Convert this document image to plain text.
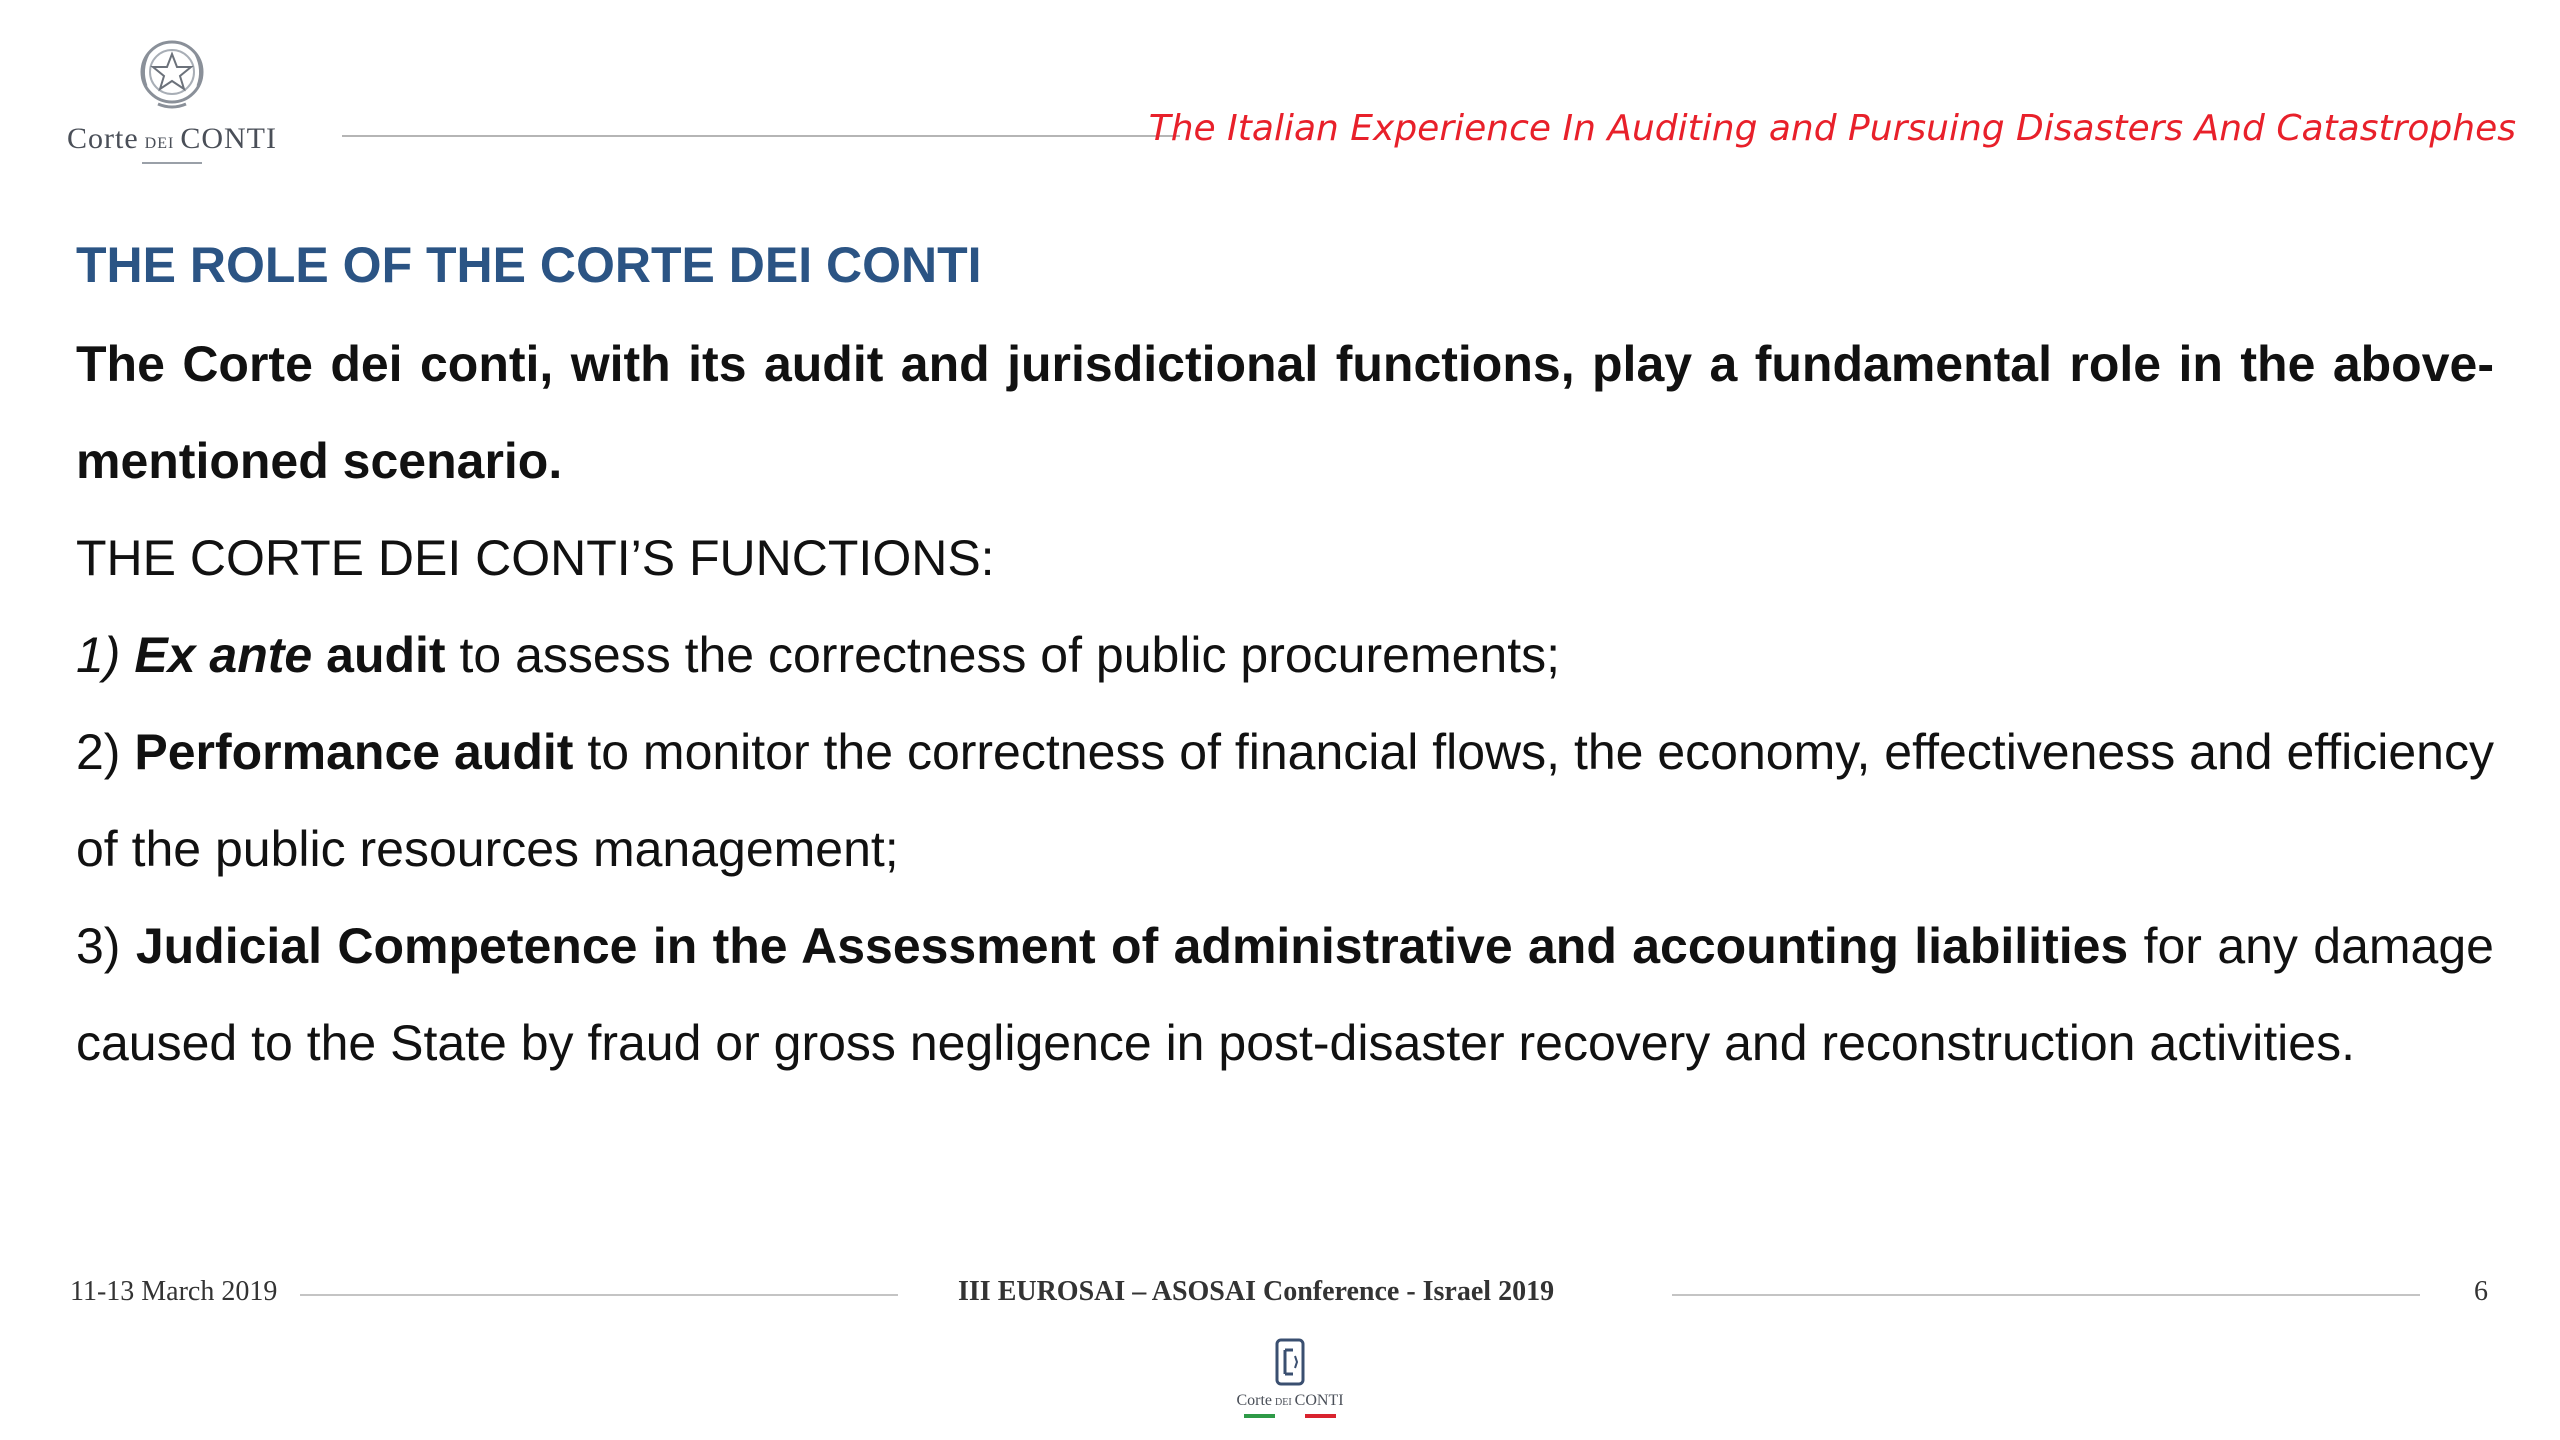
Corte DEI CONTI	The Italian Experience In Auditing and Pursuing Disasters And Catastrophes
THE ROLE OF THE CORTE DEI CONTI

The Corte dei conti, with its audit and jurisdictional functions, play a fundamental role in the above-mentioned scenario.

THE CORTE DEI CONTI’S FUNCTIONS:

1) Ex ante audit to assess the correctness of public procurements;

2) Performance audit to monitor the correctness of financial flows, the economy, effectiveness and efficiency of the public resources management;

3) Judicial Competence in the Assessment of administrative and accounting liabilities for any damage caused to the State by fraud or gross negligence in post-disaster recovery and reconstruction activities.

11-13 March 2019	III EUROSAI – ASOSAI Conference - Israel 2019	6
Corte DEI CONTI
